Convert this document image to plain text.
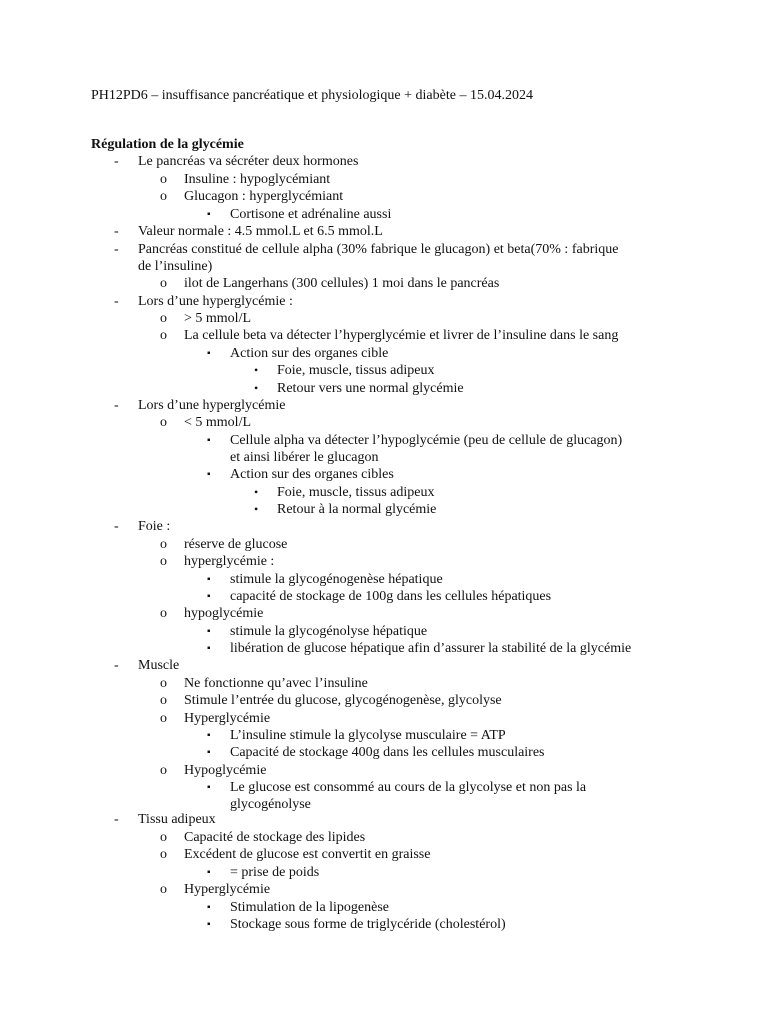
PH12PD6 – insuffisance pancréatique et physiologique + diabète – 15.04.2024
Régulation de la glycémie
- Le pancréas va sécréter deux hormones
o Insuline : hypoglycémiant
o Glucagon : hyperglycémiant
▪ Cortisone et adrénaline aussi
- Valeur normale : 4.5 mmol.L et 6.5 mmol.L
- Pancréas constitué de cellule alpha (30% fabrique le glucagon) et beta(70% : fabrique
de l’insuline)
o ilot de Langerhans (300 cellules) 1 moi dans le pancréas
- Lors d’une hyperglycémie :
o > 5 mmol/L
o La cellule beta va détecter l’hyperglycémie et livrer de l’insuline dans le sang
▪ Action sur des organes cible
• Foie, muscle, tissus adipeux
• Retour vers une normal glycémie
- Lors d’une hyperglycémie
o < 5 mmol/L
▪ Cellule alpha va détecter l’hypoglycémie (peu de cellule de glucagon)
et ainsi libérer le glucagon
▪ Action sur des organes cibles
• Foie, muscle, tissus adipeux
• Retour à la normal glycémie
- Foie :
o réserve de glucose
o hyperglycémie :
▪ stimule la glycogénogenèse hépatique
▪ capacité de stockage de 100g dans les cellules hépatiques
o hypoglycémie
▪ stimule la glycogénolyse hépatique
▪ libération de glucose hépatique afin d’assurer la stabilité de la glycémie
- Muscle
o Ne fonctionne qu’avec l’insuline
o Stimule l’entrée du glucose, glycogénogenèse, glycolyse
o Hyperglycémie
▪ L’insuline stimule la glycolyse musculaire = ATP
▪ Capacité de stockage 400g dans les cellules musculaires
o Hypoglycémie
▪ Le glucose est consommé au cours de la glycolyse et non pas la
glycogénolyse
- Tissu adipeux
o Capacité de stockage des lipides
o Excédent de glucose est convertit en graisse
▪ = prise de poids
o Hyperglycémie
▪ Stimulation de la lipogenèse
▪ Stockage sous forme de triglycéride (cholestérol)
